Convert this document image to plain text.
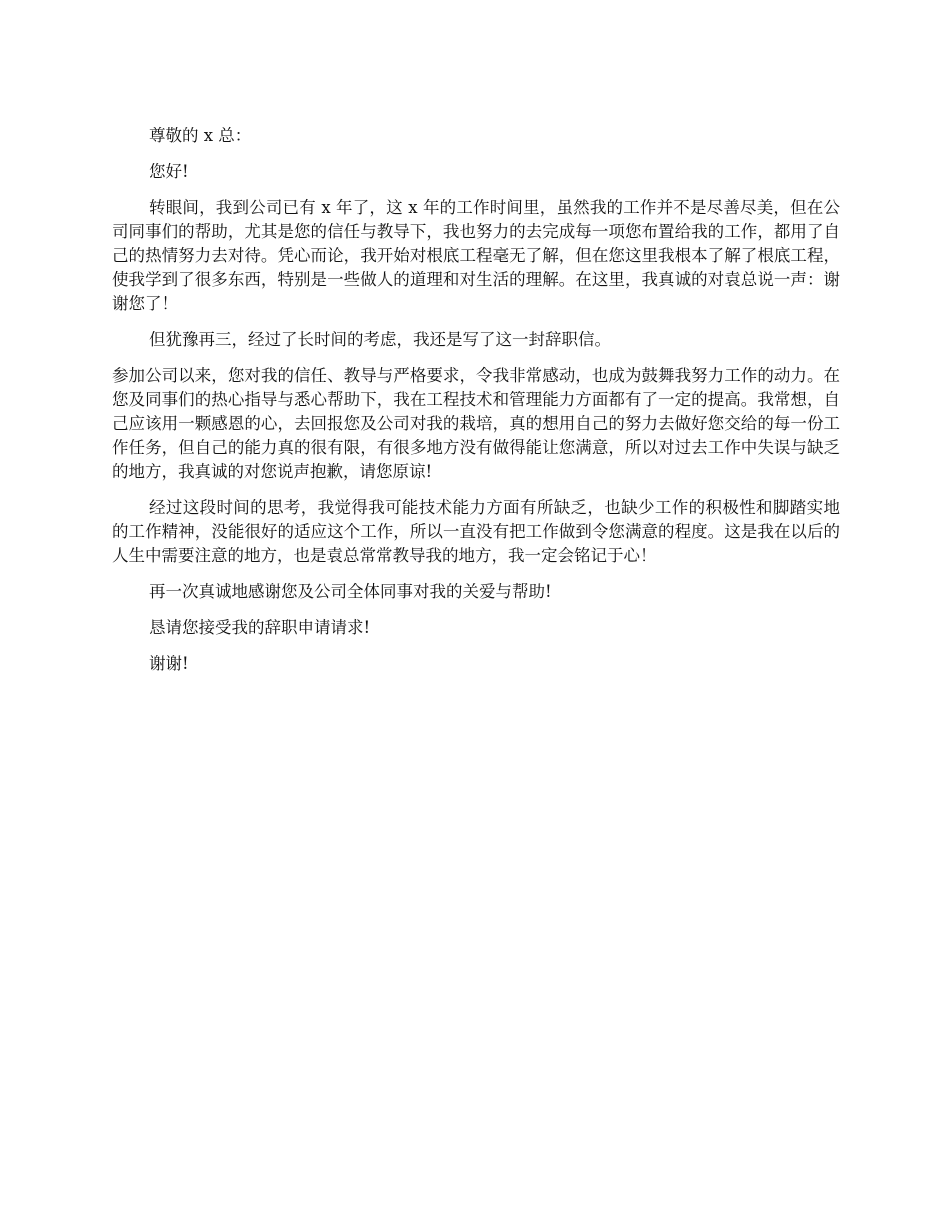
尊敬的 x 总：

您好!

转眼间，我到公司已有 x 年了，这 x 年的工作时间里，虽然我的工作并不是尽善尽美，但在公司同事们的帮助，尤其是您的信任与教导下，我也努力的去完成每一项您布置给我的工作，都用了自己的热情努力去对待。凭心而论，我开始对根底工程毫无了解，但在您这里我根本了解了根底工程，使我学到了很多东西，特别是一些做人的道理和对生活的理解。在这里，我真诚的对袁总说一声：谢谢您了！

但犹豫再三，经过了长时间的考虑，我还是写了这一封辞职信。

参加公司以来，您对我的信任、教导与严格要求，令我非常感动，也成为鼓舞我努力工作的动力。在您及同事们的热心指导与悉心帮助下，我在工程技术和管理能力方面都有了一定的提高。我常想，自己应该用一颗感恩的心，去回报您及公司对我的栽培，真的想用自己的努力去做好您交给的每一份工作任务，但自己的能力真的很有限，有很多地方没有做得能让您满意，所以对过去工作中失误与缺乏的地方，我真诚的对您说声抱歉，请您原谅!

经过这段时间的思考，我觉得我可能技术能力方面有所缺乏，也缺少工作的积极性和脚踏实地的工作精神，没能很好的适应这个工作，所以一直没有把工作做到令您满意的程度。这是我在以后的人生中需要注意的地方，也是袁总常常教导我的地方，我一定会铭记于心！

再一次真诚地感谢您及公司全体同事对我的关爱与帮助!

恳请您接受我的辞职申请请求!

谢谢!
